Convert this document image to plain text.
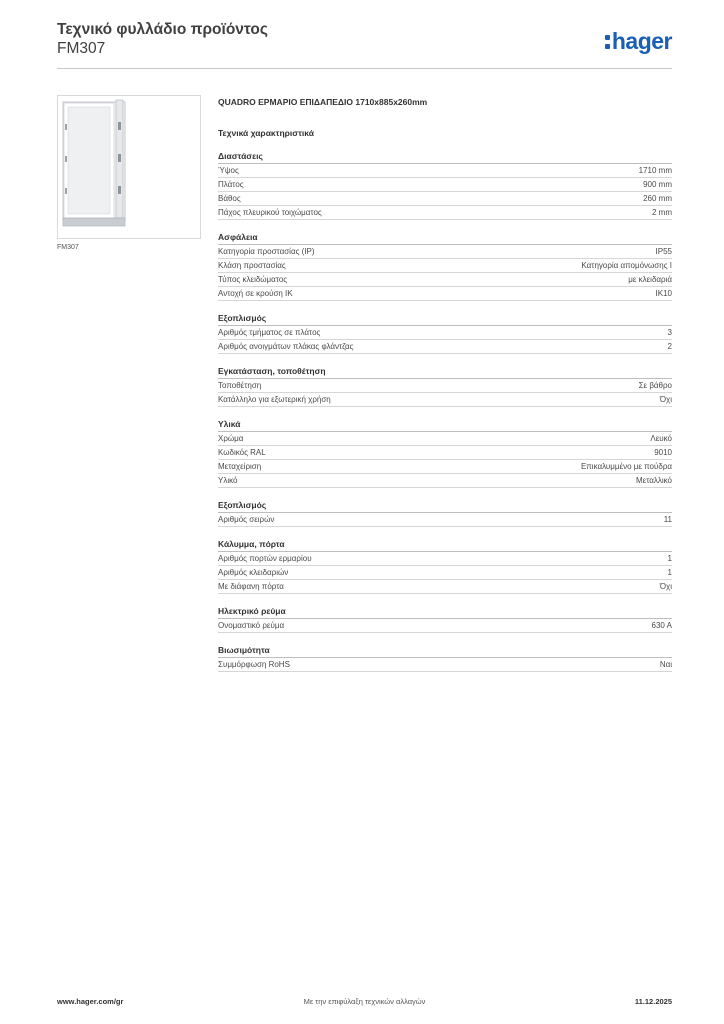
Τεχνικό φυλλάδιο προϊόντος
FM307	hager
FM307
QUADRO ΕΡΜΑΡΙΟ ΕΠΙΔΑΠΕΔΙΟ 1710x885x260mm
Τεχνικά χαρακτηριστικά
Διαστάσεις
Ύψος	1710 mm
Πλάτος	900 mm
Βάθος	260 mm
Πάχος πλευρικού τοιχώματος	2 mm
Ασφάλεια
Κατηγορία προστασίας (IP)	IP55
Κλάση προστασίας	Κατηγορία απομόνωσης I
Τύπος κλειδώματος	με κλειδαριά
Αντοχή σε κρούση IK	IK10
Εξοπλισμός
Αριθμός τμήματος σε πλάτος	3
Αριθμός ανοιγμάτων πλάκας φλάντζας	2
Εγκατάσταση, τοποθέτηση
Τοποθέτηση	Σε βάθρο
Κατάλληλο για εξωτερική χρήση	Όχι
Υλικά
Χρώμα	Λευκό
Κωδικός RAL	9010
Μεταχείριση	Επικαλυμμένο με πούδρα
Υλικό	Μεταλλικό
Εξοπλισμός
Αριθμός σειρών	11
Κάλυμμα, πόρτα
Αριθμός πορτών ερμαρίου	1
Αριθμός κλειδαριών	1
Με διάφανη πόρτα	Όχι
Ηλεκτρικό ρεύμα
Ονομαστικό ρεύμα	630 A
Βιωσιμότητα
Συμμόρφωση RoHS	Ναι
www.hager.com/gr	Με την επιφύλαξη τεχνικών αλλαγών	11.12.2025
